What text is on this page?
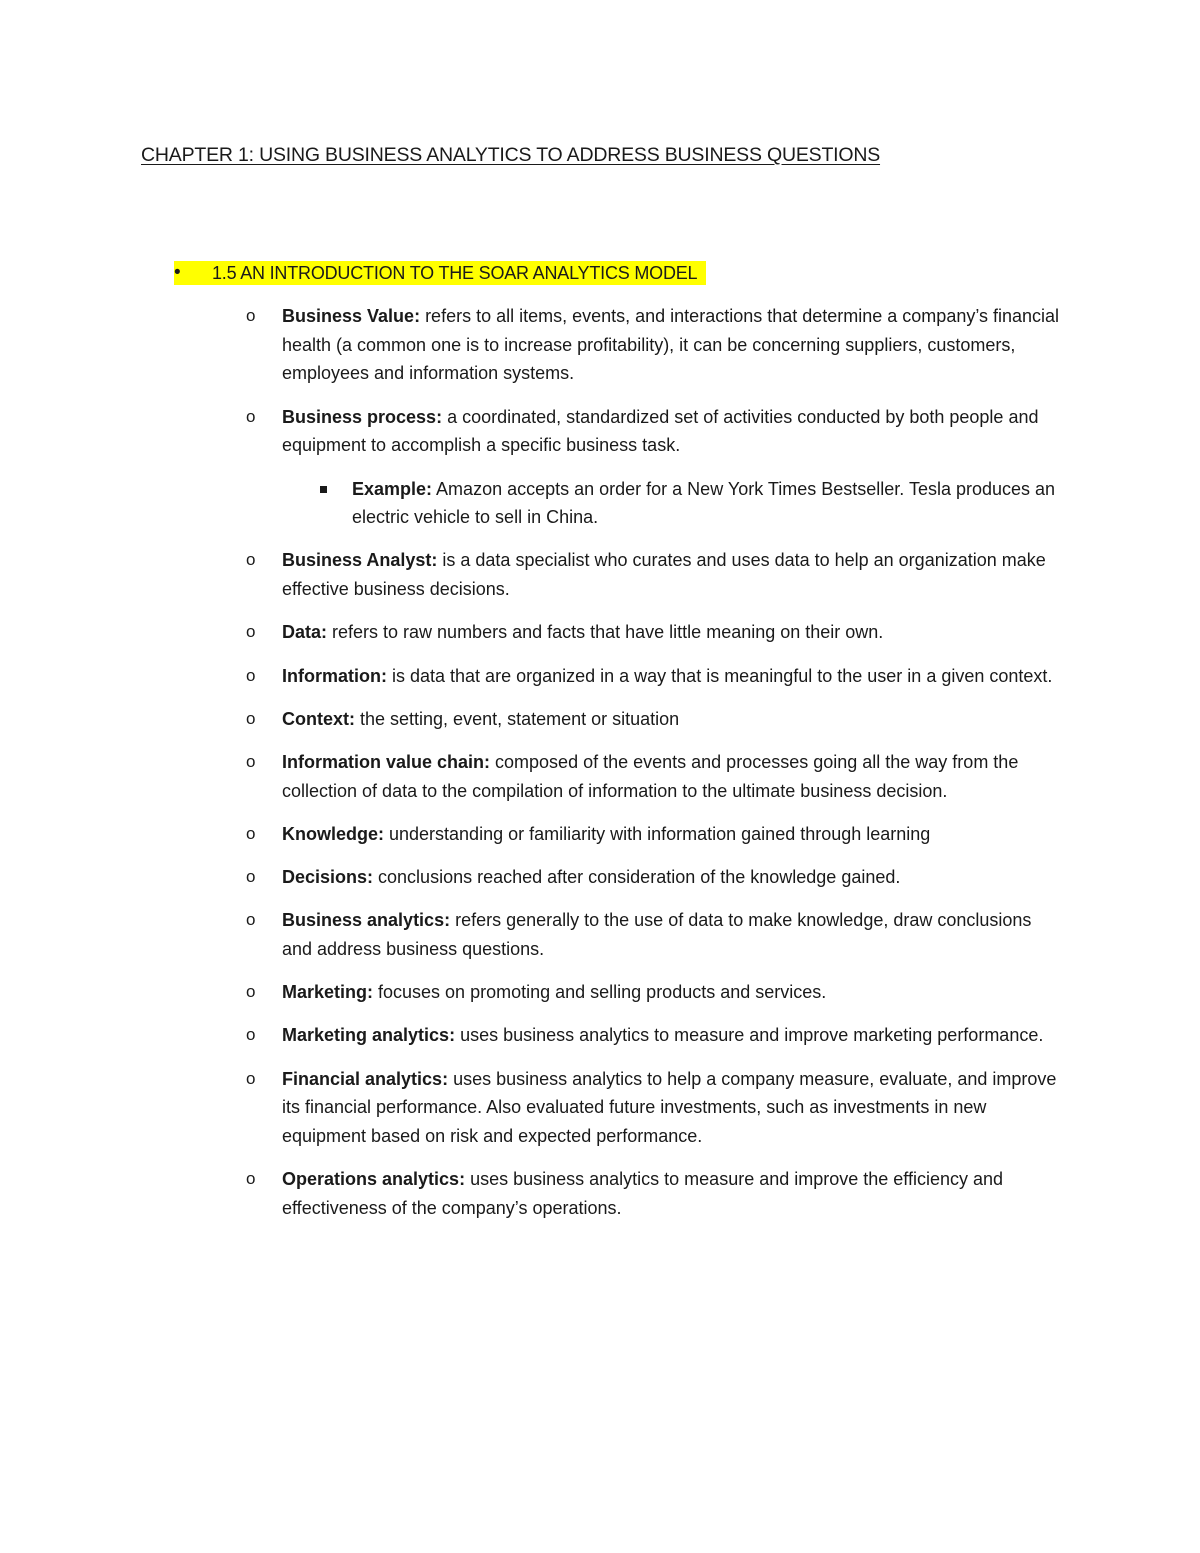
CHAPTER 1: USING BUSINESS ANALYTICS TO ADDRESS BUSINESS QUESTIONS
1.5 AN INTRODUCTION TO THE SOAR ANALYTICS MODEL
•
o Business Value: refers to all items, events, and interactions that determine a company’s financial health (a common one is to increase profitability), it can be concerning suppliers, customers, employees and information systems.
o Business process: a coordinated, standardized set of activities conducted by both people and equipment to accomplish a specific business task.
Example: Amazon accepts an order for a New York Times Bestseller. Tesla produces an electric vehicle to sell in China.
o Business Analyst: is a data specialist who curates and uses data to help an organization make effective business decisions.
o Data: refers to raw numbers and facts that have little meaning on their own.
o Information: is data that are organized in a way that is meaningful to the user in a given context.
o Context: the setting, event, statement or situation
o Information value chain: composed of the events and processes going all the way from the collection of data to the compilation of information to the ultimate business decision.
o Knowledge: understanding or familiarity with information gained through learning
o Decisions: conclusions reached after consideration of the knowledge gained.
o Business analytics: refers generally to the use of data to make knowledge, draw conclusions and address business questions.
o Marketing: focuses on promoting and selling products and services.
o Marketing analytics: uses business analytics to measure and improve marketing performance.
o Financial analytics: uses business analytics to help a company measure, evaluate, and improve its financial performance. Also evaluated future investments, such as investments in new equipment based on risk and expected performance.
o Operations analytics: uses business analytics to measure and improve the efficiency and effectiveness of the company’s operations.
